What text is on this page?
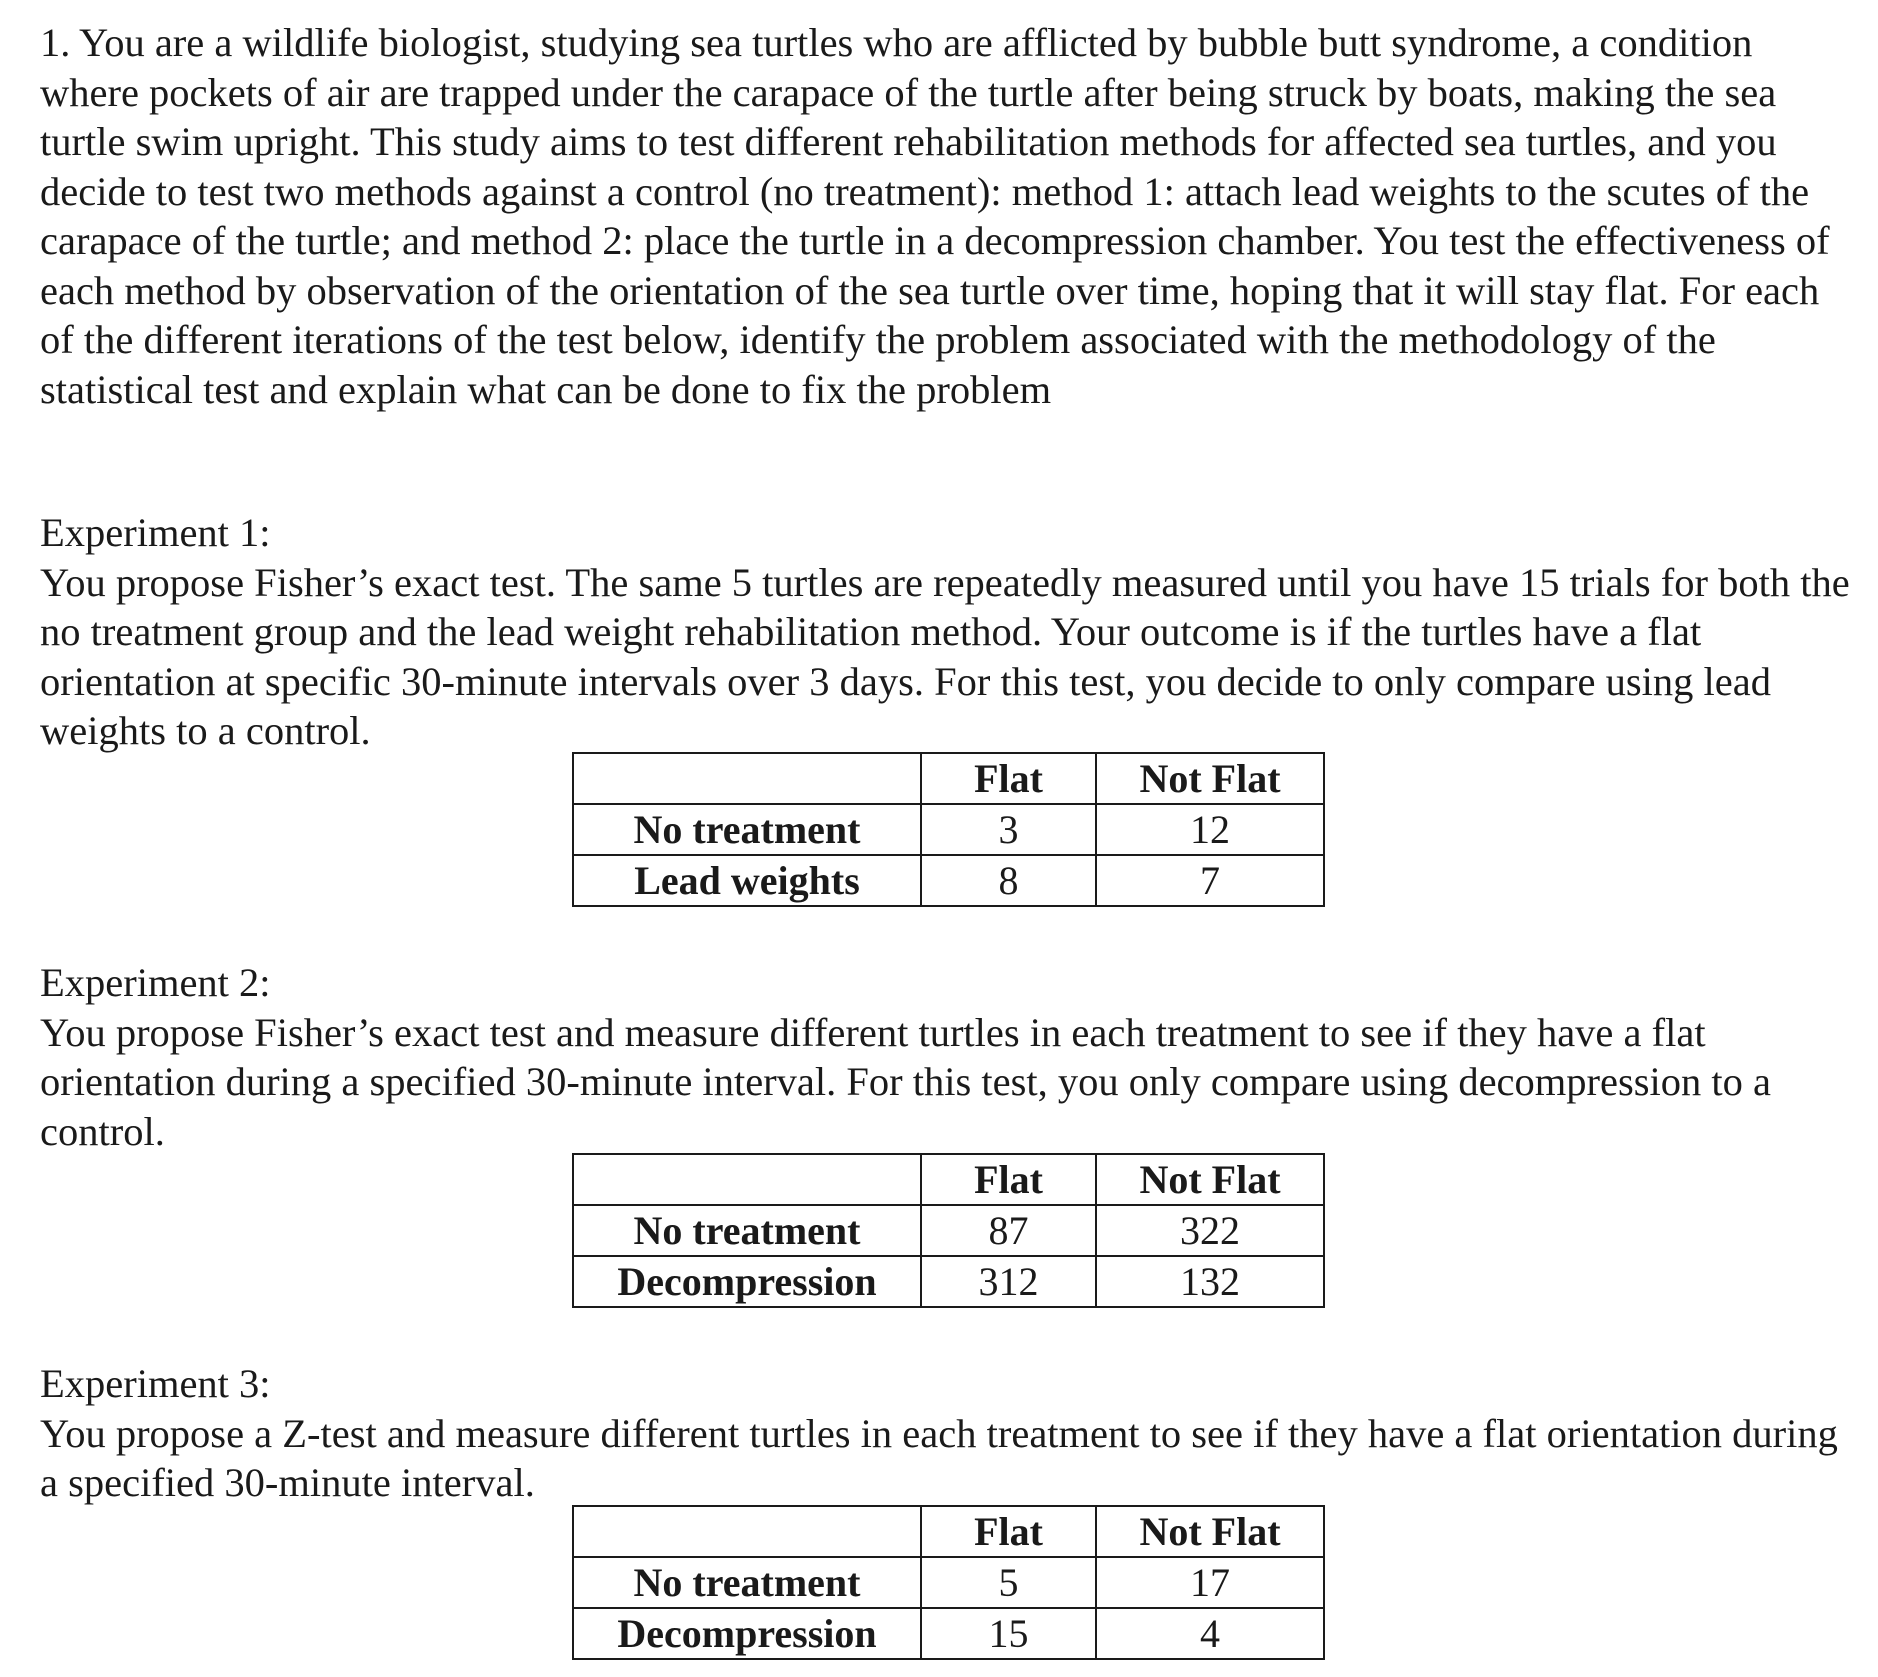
1. You are a wildlife biologist, studying sea turtles who are afflicted by bubble butt syndrome, a condition where pockets of air are trapped under the carapace of the turtle after being struck by boats, making the sea turtle swim upright. This study aims to test different rehabilitation methods for affected sea turtles, and you decide to test two methods against a control (no treatment): method 1: attach lead weights to the scutes of the carapace of the turtle; and method 2: place the turtle in a decompression chamber. You test the effectiveness of each method by observation of the orientation of the sea turtle over time, hoping that it will stay flat. For each of the different iterations of the test below, identify the problem associated with the methodology of the statistical test and explain what can be done to fix the problem

Experiment 1:

You propose Fisher’s exact test. The same 5 turtles are repeatedly measured until you have 15 trials for both the no treatment group and the lead weight rehabilitation method. Your outcome is if the turtles have a flat orientation at specific 30-minute intervals over 3 days. For this test, you decide to only compare using lead weights to a control.

	Flat	Not Flat
No treatment	3	12
Lead weights	8	7

Experiment 2:

You propose Fisher’s exact test and measure different turtles in each treatment to see if they have a flat orientation during a specified 30-minute interval. For this test, you only compare using decompression to a control.

	Flat	Not Flat
No treatment	87	322
Decompression	312	132

Experiment 3:

You propose a Z-test and measure different turtles in each treatment to see if they have a flat orientation during a specified 30-minute interval.

	Flat	Not Flat
No treatment	5	17
Decompression	15	4
